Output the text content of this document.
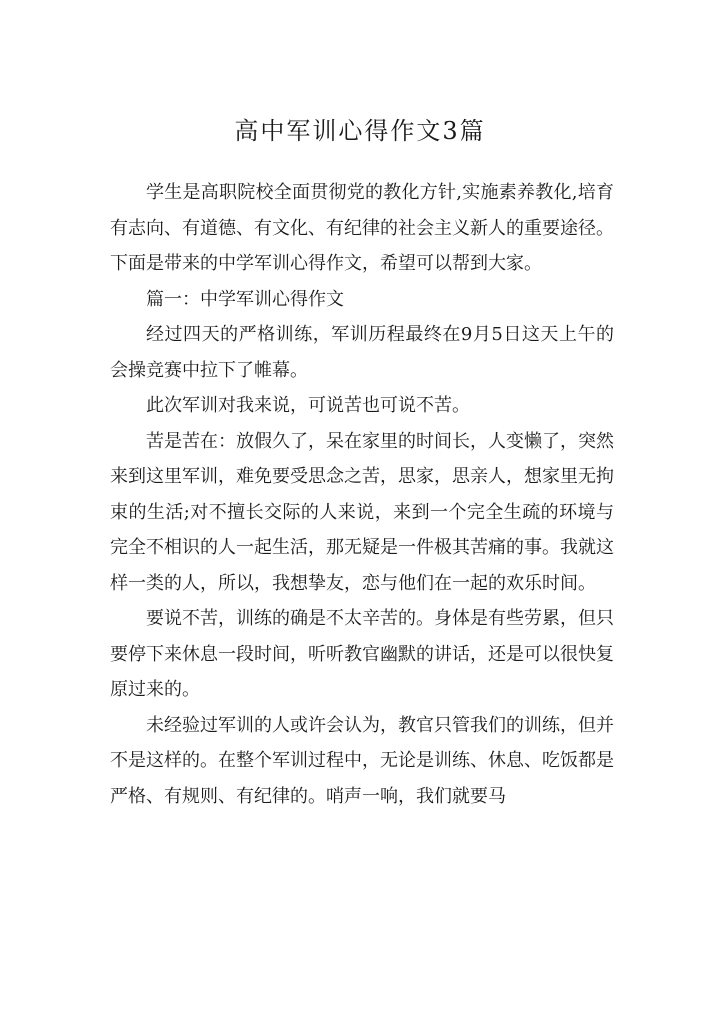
高中军训心得作文3篇

学生是高职院校全面贯彻党的教化方针,实施素养教化,培育有志向、有道德、有文化、有纪律的社会主义新人的重要途径。下面是带来的中学军训心得作文，希望可以帮到大家。

篇一：中学军训心得作文

经过四天的严格训练，军训历程最终在9月5日这天上午的会操竞赛中拉下了帷幕。

此次军训对我来说，可说苦也可说不苦。

苦是苦在：放假久了，呆在家里的时间长，人变懒了，突然来到这里军训，难免要受思念之苦，思家，思亲人，想家里无拘束的生活;对不擅长交际的人来说，来到一个完全生疏的环境与完全不相识的人一起生活，那无疑是一件极其苦痛的事。我就这样一类的人，所以，我想挚友，恋与他们在一起的欢乐时间。

要说不苦，训练的确是不太辛苦的。身体是有些劳累，但只要停下来休息一段时间，听听教官幽默的讲话，还是可以很快复原过来的。

未经验过军训的人或许会认为，教官只管我们的训练，但并不是这样的。在整个军训过程中，无论是训练、休息、吃饭都是严格、有规则、有纪律的。哨声一响，我们就要马
